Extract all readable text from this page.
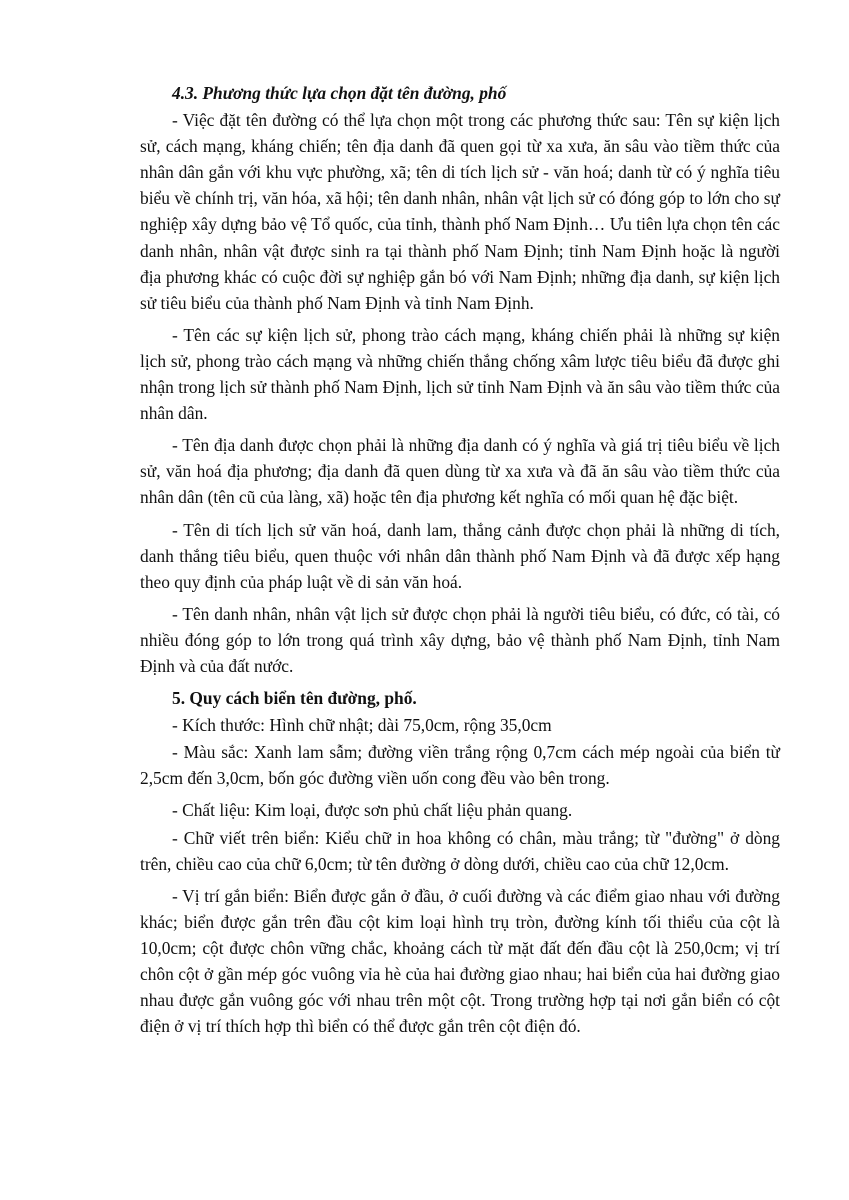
4.3. Phương thức lựa chọn đặt tên đường, phố

- Việc đặt tên đường có thể lựa chọn một trong các phương thức sau: Tên sự kiện lịch sử, cách mạng, kháng chiến; tên địa danh đã quen gọi từ xa xưa, ăn sâu vào tiềm thức của nhân dân gắn với khu vực phường, xã; tên di tích lịch sử - văn hoá; danh từ có ý nghĩa tiêu biểu về chính trị, văn hóa, xã hội; tên danh nhân, nhân vật lịch sử có đóng góp to lớn cho sự nghiệp xây dựng bảo vệ Tổ quốc, của tỉnh, thành phố Nam Định… Ưu tiên lựa chọn tên các danh nhân, nhân vật được sinh ra tại thành phố Nam Định; tỉnh Nam Định hoặc là người địa phương khác có cuộc đời sự nghiệp gắn bó với Nam Định; những địa danh, sự kiện lịch sử tiêu biểu của thành phố Nam Định và tỉnh Nam Định.

- Tên các sự kiện lịch sử, phong trào cách mạng, kháng chiến phải là những sự kiện lịch sử, phong trào cách mạng và những chiến thắng chống xâm lược tiêu biểu đã được ghi nhận trong lịch sử thành phố Nam Định, lịch sử tỉnh Nam Định và ăn sâu vào tiềm thức của nhân dân.

- Tên địa danh được chọn phải là những địa danh có ý nghĩa và giá trị tiêu biểu về lịch sử, văn hoá địa phương; địa danh đã quen dùng từ xa xưa và đã ăn sâu vào tiềm thức của nhân dân (tên cũ của làng, xã) hoặc tên địa phương kết nghĩa có mối quan hệ đặc biệt.

- Tên di tích lịch sử văn hoá, danh lam, thắng cảnh được chọn phải là những di tích, danh thắng tiêu biểu, quen thuộc với nhân dân thành phố Nam Định và đã được xếp hạng theo quy định của pháp luật về di sản văn hoá.

- Tên danh nhân, nhân vật lịch sử được chọn phải là người tiêu biểu, có đức, có tài, có nhiều đóng góp to lớn trong quá trình xây dựng, bảo vệ thành phố Nam Định, tỉnh Nam Định và của đất nước.

5. Quy cách biển tên đường, phố.

- Kích thước: Hình chữ nhật; dài 75,0cm, rộng 35,0cm

- Màu sắc: Xanh lam sẫm; đường viền trắng rộng 0,7cm cách mép ngoài của biển từ 2,5cm đến 3,0cm, bốn góc đường viền uốn cong đều vào bên trong.

- Chất liệu: Kim loại, được sơn phủ chất liệu phản quang.

- Chữ viết trên biển: Kiểu chữ in hoa không có chân, màu trắng; từ "đường" ở dòng trên, chiều cao của chữ 6,0cm; từ tên đường ở dòng dưới, chiều cao của chữ 12,0cm.

- Vị trí gắn biển: Biển được gắn ở đầu, ở cuối đường và các điểm giao nhau với đường khác; biển được gắn trên đầu cột kim loại hình trụ tròn, đường kính tối thiểu của cột là 10,0cm; cột được chôn vững chắc, khoảng cách từ mặt đất đến đầu cột là 250,0cm; vị trí chôn cột ở gần mép góc vuông vỉa hè của hai đường giao nhau; hai biển của hai đường giao nhau được gắn vuông góc với nhau trên một cột. Trong trường hợp tại nơi gắn biển có cột điện ở vị trí thích hợp thì biển có thể được gắn trên cột điện đó.
